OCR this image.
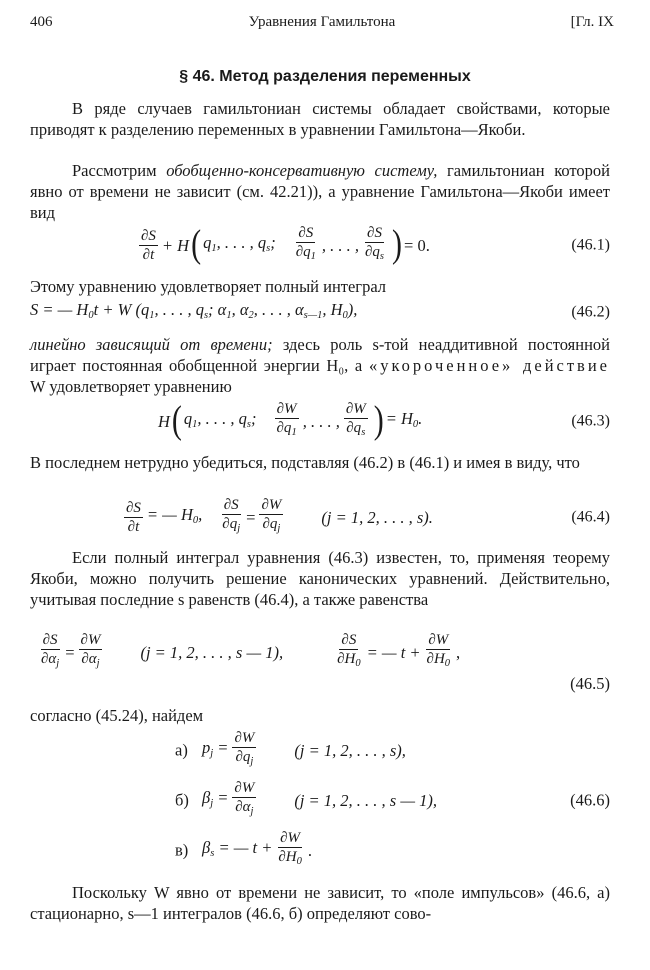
406	Уравнения Гамильтона	[Гл. IX
§ 46. Метод разделения переменных
В ряде случаев гамильтониан системы обладает свойствами, которые приводят к разделению переменных в уравнении Гамильтона—Якоби.
Рассмотрим обобщенно-консервативную систему, гамильтониан которой явно от времени не зависит (см. 42.21)), а уравнение Гамильтона—Якоби имеет вид
$\frac{\partial S}{\partial t} + H$ ( $q_1$, . . . , $q_s$; $\frac{\partial S}{\partial q_1}$ , . . . , $\frac{\partial S}{\partial q_s}$ ) = 0.	(46.1)
Этому уравнению удовлетворяет полный интеграл
S = — $H_0t + W$ ($q_1$, . . . , $q_s$; $\alpha_1$, $\alpha_2$, . . . , $\alpha_{s—1}$, $H_0$),	(46.2)
линейно зависящий от времени; здесь роль s-той неаддитивной постоянной играет постоянная обобщенной энергии H₀, а «укороченное» действие W удовлетворяет уравнению
H ( $q_1$, . . . , $q_s$; $\frac{\partial W}{\partial q_1}$ , . . . , $\frac{\partial W}{\partial q_s}$ ) = $H_0$.	(46.3)
В последнем нетрудно убедиться, подставляя (46.2) в (46.1) и имея в виду, что
$\frac{\partial S}{\partial t}$ = — $H_0$, $\frac{\partial S}{\partial q_j} = \frac{\partial W}{\partial q_j} (j = 1$, 2, . . . , s).	(46.4)
Если полный интеграл уравнения (46.3) известен, то, применяя теорему Якоби, можно получить решение канонических уравнений. Действительно, учитывая последние s равенств (46.4), а также равенства
$\frac{\partial S}{\partial\alpha_j} = \frac{\partial W}{\partial\alpha_j} (j = 1$, 2, . . . , s — 1),	$\frac{\partial S}{\partial H_0}$ = — $t + \frac{\partial W}{\partial H_0}$ ,
(46.5)
согласно (45.24), найдем
а) $p_j = \frac{\partial W}{\partial q_j} (j = 1$, 2, . . . , s),
б) $\beta_j = \frac{\partial W}{\partial\alpha_j} (j = 1$, 2, . . . , s — 1),	(46.6)
в) $\beta_s$ = — $t + \frac{\partial W}{\partial H_0}$ .
Поскольку W явно от времени не зависит, то «поле импульсов» (46.6, а) стационарно, s—1 интегралов (46.6, б) определяют сово-
